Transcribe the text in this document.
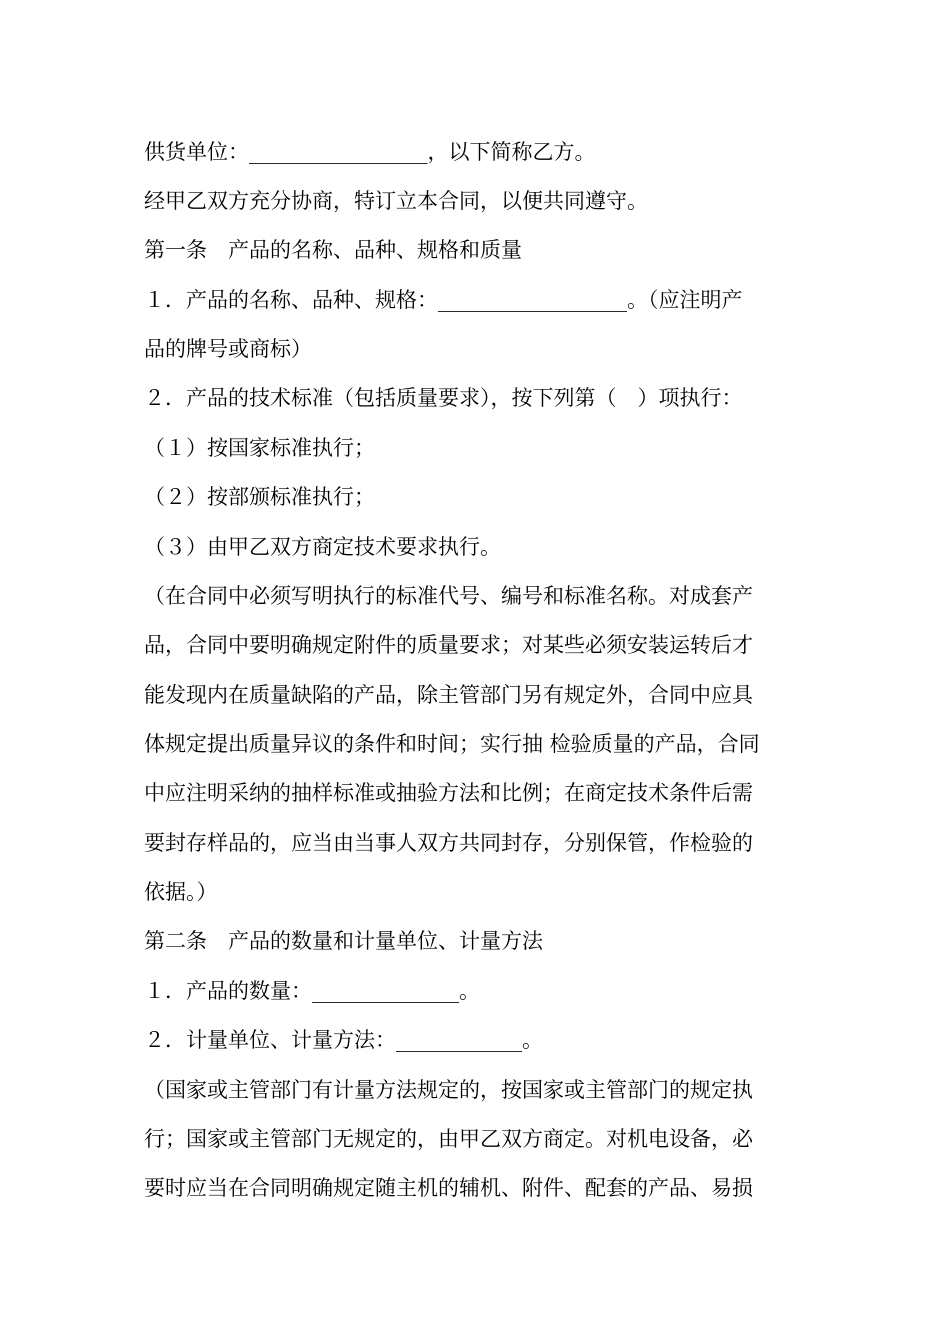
供货单位：_________________，以下简称乙方。
经甲乙双方充分协商，特订立本合同，以便共同遵守。
第一条　产品的名称、品种、规格和质量
１．产品的名称、品种、规格：__________________。（应注明产
品的牌号或商标）
２．产品的技术标准（包括质量要求），按下列第（　）项执行：
（１）按国家标准执行；
（２）按部颁标准执行；
（３）由甲乙双方商定技术要求执行。
（在合同中必须写明执行的标准代号、编号和标准名称。对成套产
品，合同中要明确规定附件的质量要求；对某些必须安装运转后才
能发现内在质量缺陷的产品，除主管部门另有规定外，合同中应具
体规定提出质量异议的条件和时间；实行抽 检验质量的产品，合同
中应注明采纳的抽样标准或抽验方法和比例；在商定技术条件后需
要封存样品的，应当由当事人双方共同封存，分别保管，作检验的
依据。）
第二条　产品的数量和计量单位、计量方法
１．产品的数量：______________。
２．计量单位、计量方法：____________。
（国家或主管部门有计量方法规定的，按国家或主管部门的规定执
行；国家或主管部门无规定的，由甲乙双方商定。对机电设备，必
要时应当在合同明确规定随主机的辅机、附件、配套的产品、易损
